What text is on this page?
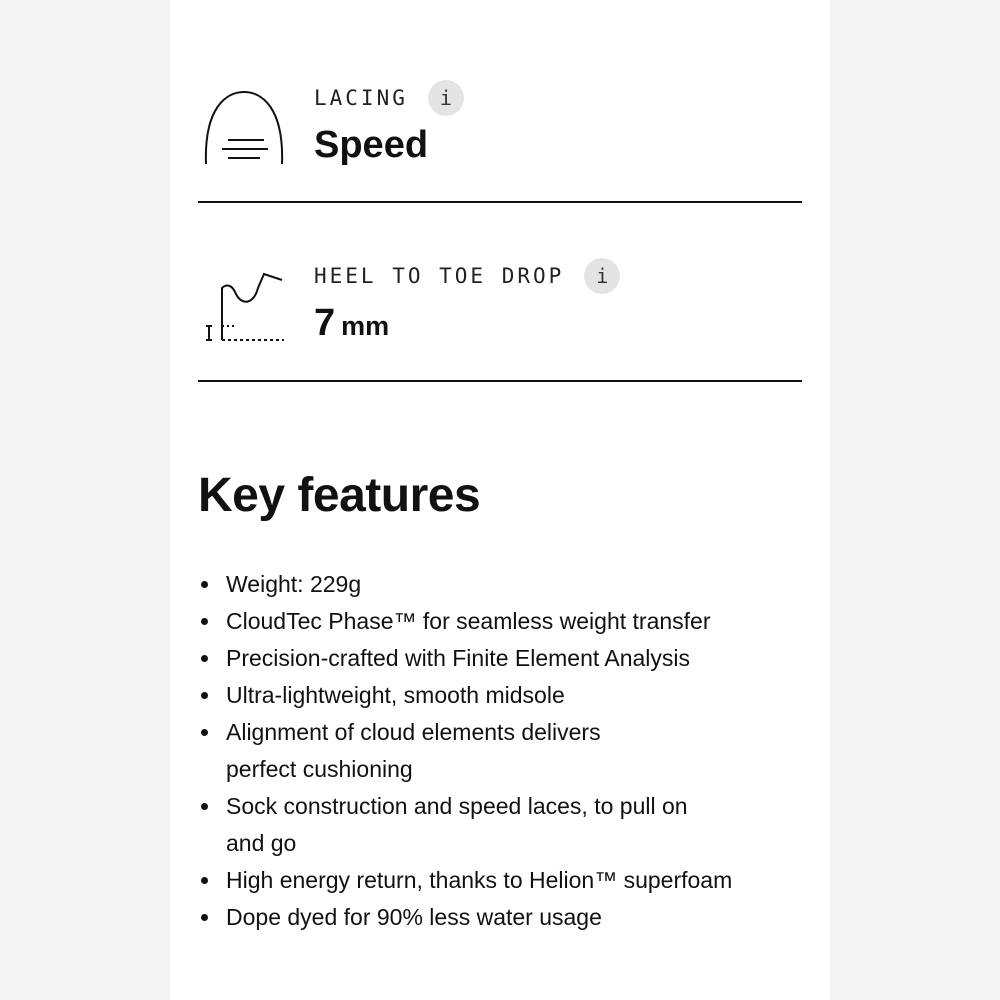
LACING	i
Speed
HEEL TO TOE DROP	i
7 mm
Key features
Weight: 229g
CloudTec Phase™ for seamless weight transfer
Precision-crafted with Finite Element Analysis
Ultra-lightweight, smooth midsole
Alignment of cloud elements delivers perfect cushioning
Sock construction and speed laces, to pull on and go
High energy return, thanks to Helion™ superfoam
Dope dyed for 90% less water usage
